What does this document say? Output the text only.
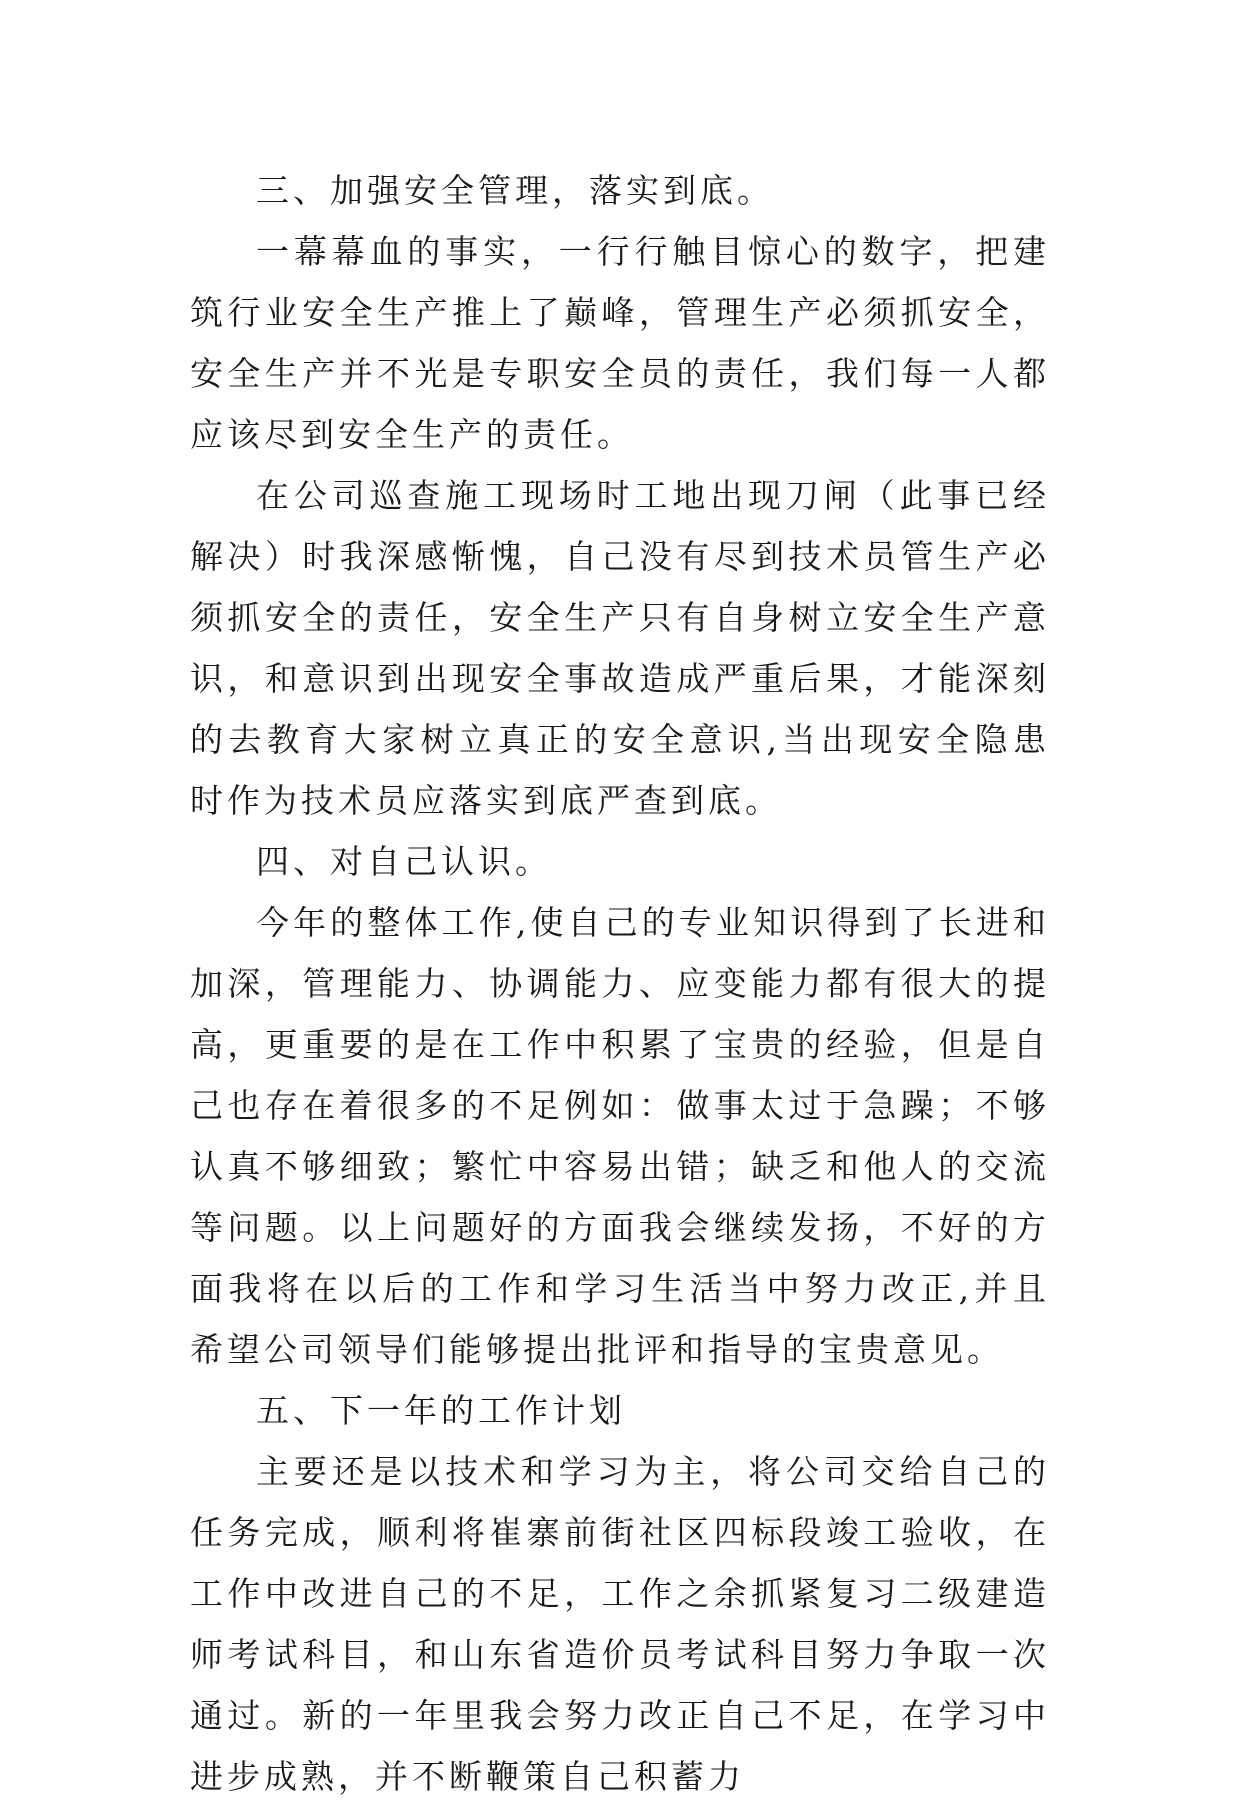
三、加强安全管理，落实到底。

一幕幕血的事实，一行行触目惊心的数字，把建筑行业安全生产推上了巅峰，管理生产必须抓安全，安全生产并不光是专职安全员的责任，我们每一人都应该尽到安全生产的责任。

在公司巡查施工现场时工地出现刀闸（此事已经解决）时我深感惭愧，自己没有尽到技术员管生产必须抓安全的责任，安全生产只有自身树立安全生产意识，和意识到出现安全事故造成严重后果，才能深刻的去教育大家树立真正的安全意识,当出现安全隐患时作为技术员应落实到底严查到底。

四、对自己认识。

今年的整体工作,使自己的专业知识得到了长进和加深，管理能力、协调能力、应变能力都有很大的提高，更重要的是在工作中积累了宝贵的经验，但是自己也存在着很多的不足例如：做事太过于急躁；不够认真不够细致；繁忙中容易出错；缺乏和他人的交流等问题。以上问题好的方面我会继续发扬，不好的方面我将在以后的工作和学习生活当中努力改正,并且希望公司领导们能够提出批评和指导的宝贵意见。

五、下一年的工作计划

主要还是以技术和学习为主，将公司交给自己的任务完成，顺利将崔寨前街社区四标段竣工验收，在工作中改进自己的不足，工作之余抓紧复习二级建造师考试科目，和山东省造价员考试科目努力争取一次通过。新的一年里我会努力改正自己不足，在学习中进步成熟，并不断鞭策自己积蓄力
